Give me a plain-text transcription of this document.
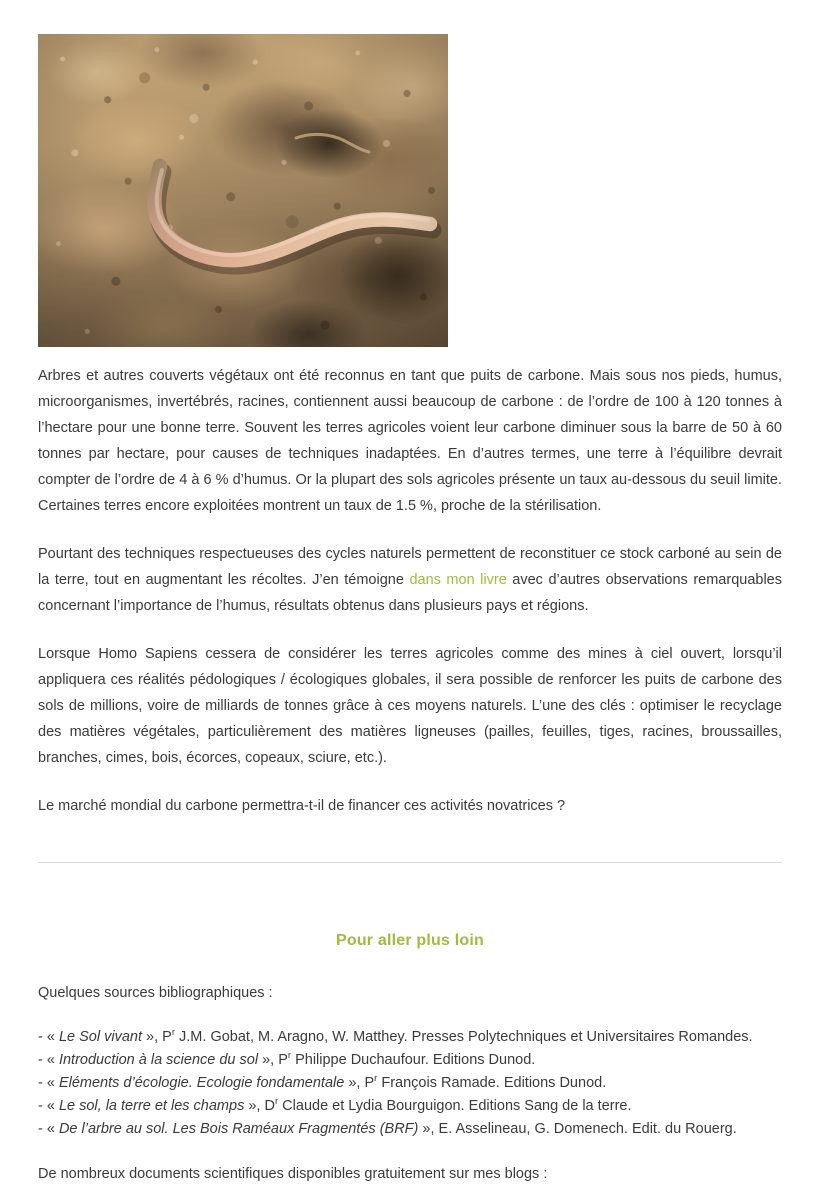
Arbres et autres couverts végétaux ont été reconnus en tant que puits de carbone. Mais sous nos pieds, humus, microorganismes, invertébrés, racines, contiennent aussi beaucoup de carbone : de l’ordre de 100 à 120 tonnes à l’hectare pour une bonne terre. Souvent les terres agricoles voient leur carbone diminuer sous la barre de 50 à 60 tonnes par hectare, pour causes de techniques inadaptées. En d’autres termes, une terre à l’équilibre devrait compter de l’ordre de 4 à 6 % d’humus. Or la plupart des sols agricoles présente un taux au-dessous du seuil limite. Certaines terres encore exploitées montrent un taux de 1.5 %, proche de la stérilisation.

Pourtant des techniques respectueuses des cycles naturels permettent de reconstituer ce stock carboné au sein de la terre, tout en augmentant les récoltes. J’en témoigne dans mon livre avec d’autres observations remarquables concernant l’importance de l’humus, résultats obtenus dans plusieurs pays et régions.

Lorsque Homo Sapiens cessera de considérer les terres agricoles comme des mines à ciel ouvert, lorsqu’il appliquera ces réalités pédologiques / écologiques globales, il sera possible de renforcer les puits de carbone des sols de millions, voire de milliards de tonnes grâce à ces moyens naturels. L’une des clés : optimiser le recyclage des matières végétales, particulièrement des matières ligneuses (pailles, feuilles, tiges, racines, broussailles, branches, cimes, bois, écorces, copeaux, sciure, etc.).

Le marché mondial du carbone permettra-t-il de financer ces activités novatrices ?

Pour aller plus loin

Quelques sources bibliographiques :

- « Le Sol vivant », $P^r$ J.M. Gobat, M. Aragno, W. Matthey. Presses Polytechniques et Universitaires Romandes.
- « Introduction à la science du sol », $P^r$ Philippe Duchaufour. Editions Dunod.
- « Eléments d’écologie. Ecologie fondamentale », $P^r$ François Ramade. Editions Dunod.
- « Le sol, la terre et les champs », $D^r$ Claude et Lydia Bourguigon. Editions Sang de la terre.
- « De l’arbre au sol. Les Bois Raméaux Fragmentés (BRF) », E. Asselineau, G. Domenech. Edit. du Rouerg.

De nombreux documents scientifiques disponibles gratuitement sur mes blogs :
